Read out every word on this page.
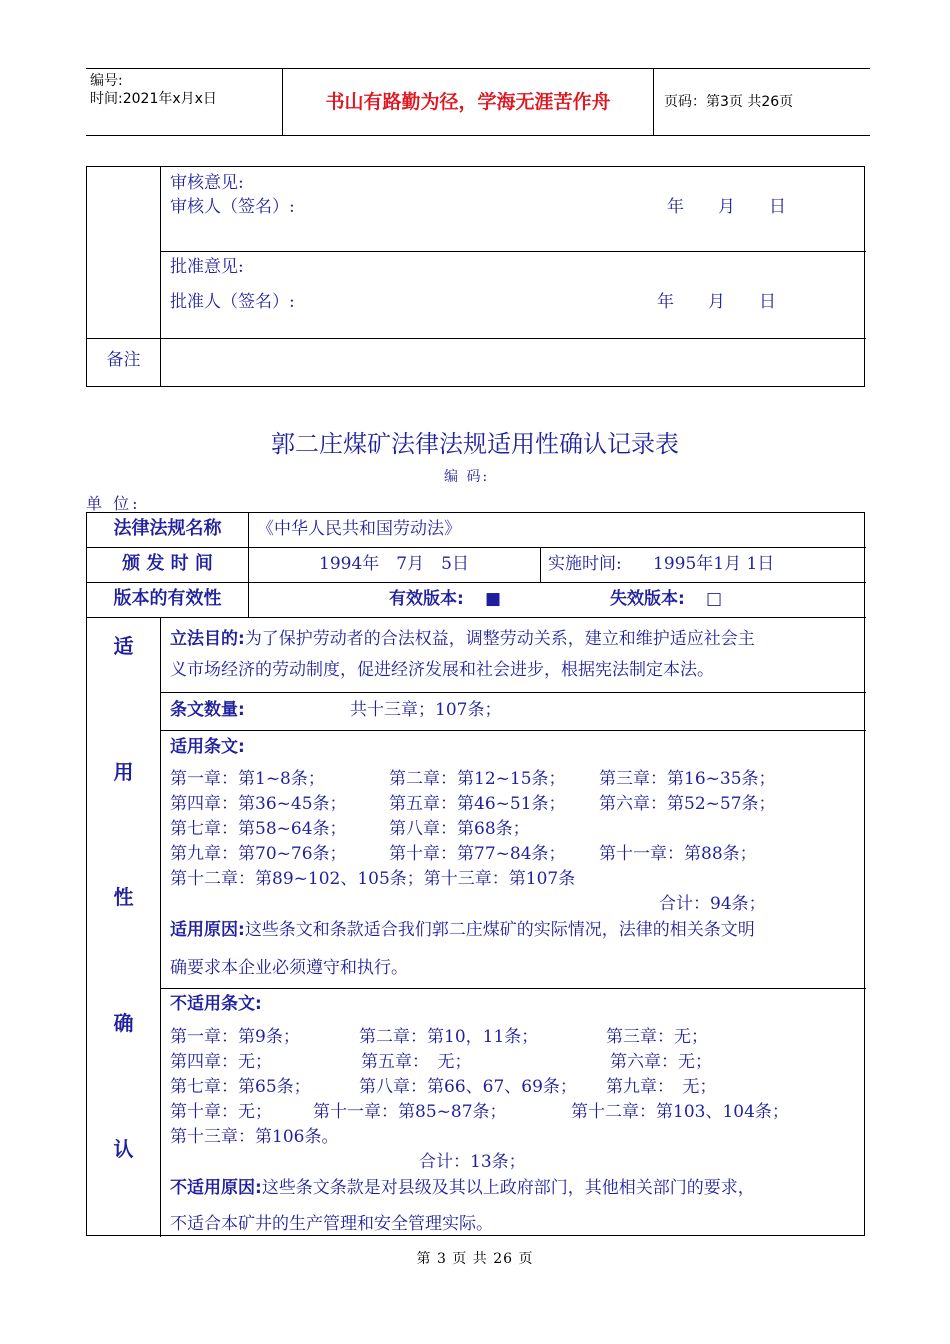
编号:
时间:2021年x月x日	书山有路勤为径，学海无涯苦作舟	页码：第3页 共26页
审核意见:
审核人（签名）:	年　　月　　日
批准意见:
批准人（签名）:	年　　月　　日
备注
郭二庄煤矿法律法规适用性确认记录表
编 码:
单 位:
法律法规名称	《中华人民共和国劳动法》
颁 发 时 间	1994年　7月　5日	实施时间: 1995年1月 1日
版本的有效性	有效版本: ■	失效版本: □
适
用
性
确
认
立法目的:为了保护劳动者的合法权益，调整劳动关系，建立和维护适应社会主
义市场经济的劳动制度，促进经济发展和社会进步，根据宪法制定本法。
条文数量:	共十三章；107条；
适用条文:
第一章：第1~8条；	第二章：第12~15条； 第三章：第16~35条；
第四章：第36~45条； 第五章：第46~51条； 第六章：第52~57条；
第七章：第58~64条； 第八章：第68条；
第九章：第70~76条； 第十章：第77~84条； 第十一章：第88条；
第十二章：第89~102、105条；第十三章：第107条
合计：94条；
适用原因:这些条文和条款适合我们郭二庄煤矿的实际情况，法律的相关条文明
确要求本企业必须遵守和执行。
不适用条文:
第一章：第9条；	第二章：第10，11条；	第三章：无；
第四章：无；	第五章：　无；	第六章：无；
第七章：第65条；	第八章：第66、67、69条； 第九章：　无；
第十章：无； 第十一章：第85~87条；	第十二章：第103、104条；
第十三章：第106条。
合计：13条；
不适用原因:这些条文条款是对县级及其以上政府部门，其他相关部门的要求，
不适合本矿井的生产管理和安全管理实际。
第 3 页 共 26 页
